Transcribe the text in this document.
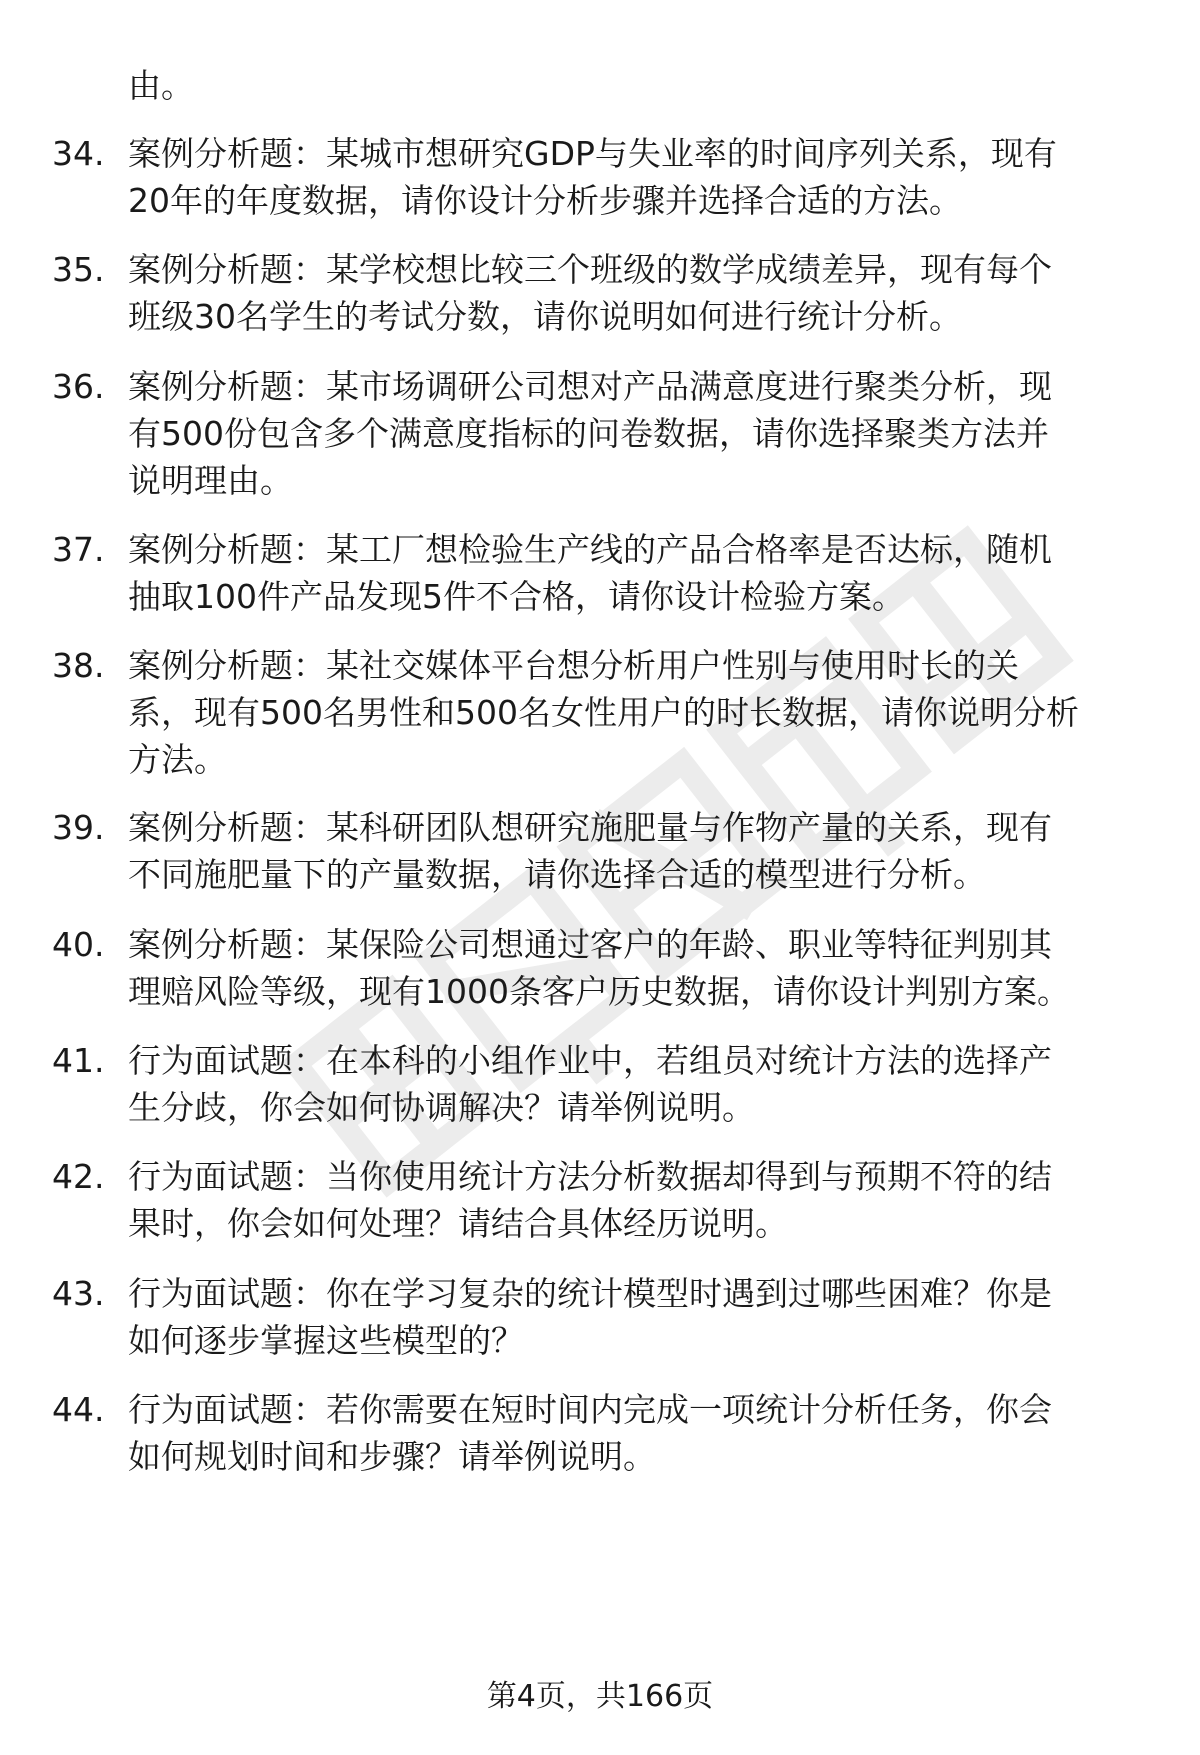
由。

34. 案例分析题：某城市想研究GDP与失业率的时间序列关系，现有
20年的年度数据，请你设计分析步骤并选择合适的方法。
35. 案例分析题：某学校想比较三个班级的数学成绩差异，现有每个
班级30名学生的考试分数，请你说明如何进行统计分析。
36. 案例分析题：某市场调研公司想对产品满意度进行聚类分析，现
有500份包含多个满意度指标的问卷数据，请你选择聚类方法并
说明理由。
37. 案例分析题：某工厂想检验生产线的产品合格率是否达标，随机
抽取100件产品发现5件不合格，请你设计检验方案。
38. 案例分析题：某社交媒体平台想分析用户性别与使用时长的关
系，现有500名男性和500名女性用户的时长数据，请你说明分析
方法。
39. 案例分析题：某科研团队想研究施肥量与作物产量的关系，现有
不同施肥量下的产量数据，请你选择合适的模型进行分析。
40. 案例分析题：某保险公司想通过客户的年龄、职业等特征判别其
理赔风险等级，现有1000条客户历史数据，请你设计判别方案。
41. 行为面试题：在本科的小组作业中，若组员对统计方法的选择产
生分歧，你会如何协调解决？请举例说明。
42. 行为面试题：当你使用统计方法分析数据却得到与预期不符的结
果时，你会如何处理？请结合具体经历说明。
43. 行为面试题：你在学习复杂的统计模型时遇到过哪些困难？你是
如何逐步掌握这些模型的？
44. 行为面试题：若你需要在短时间内完成一项统计分析任务，你会
如何规划时间和步骤？请举例说明。
第4页，共166页
